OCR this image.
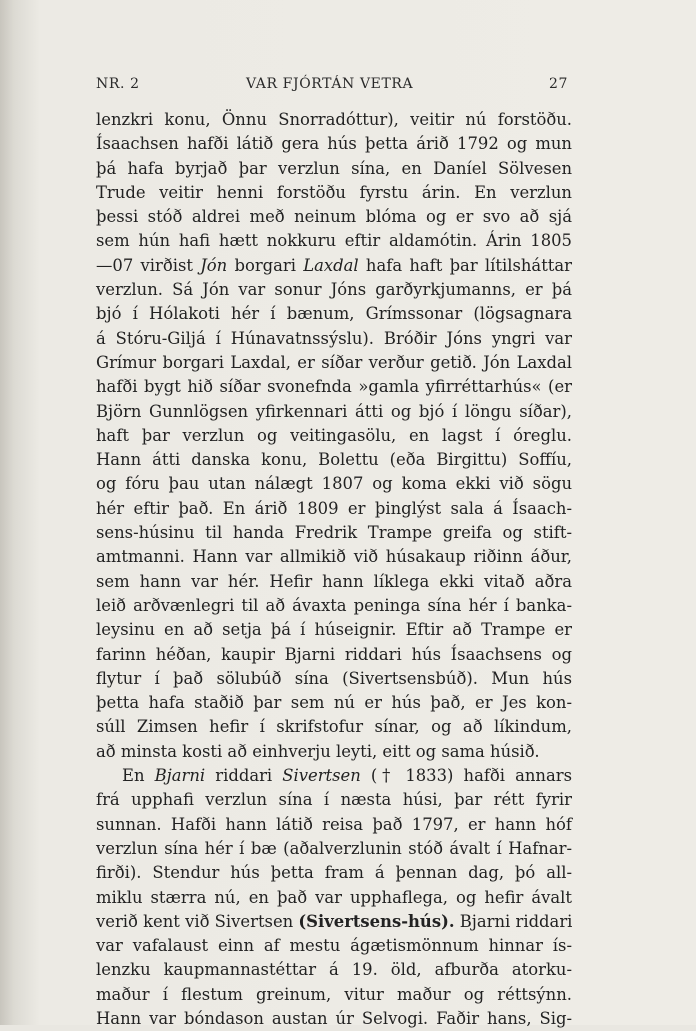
NR. 2	VAR FJÓRTÁN VETRA	27
lenzkri konu, Önnu Snorradóttur), veitir nú forstöðu.
Ísaachsen hafði látið gera hús þetta árið 1792 og mun
þá hafa byrjað þar verzlun sína, en Daníel Sölvesen
Trude veitir henni forstöðu fyrstu árin. En verzlun
þessi stóð aldrei með neinum blóma og er svo að sjá
sem hún hafi hætt nokkuru eftir aldamótin. Árin 1805
—07 virðist Jón borgari Laxdal hafa haft þar lítilsháttar
verzlun. Sá Jón var sonur Jóns garðyrkjumanns, er þá
bjó í Hólakoti hér í bænum, Grímssonar (lögsagnara
á Stóru-Giljá í Húnavatnssýslu). Bróðir Jóns yngri var
Grímur borgari Laxdal, er síðar verður getið. Jón Laxdal
hafði bygt hið síðar svonefnda »gamla yfirréttarhús« (er
Björn Gunnlögsen yfirkennari átti og bjó í löngu síðar),
haft þar verzlun og veitingasölu, en lagst í óreglu.
Hann átti danska konu, Bolettu (eða Birgittu) Soffíu,
og fóru þau utan nálægt 1807 og koma ekki við sögu
hér eftir það. En árið 1809 er þinglýst sala á Ísaach-
sens-húsinu til handa Fredrik Trampe greifa og stift-
amtmanni. Hann var allmikið við húsakaup riðinn áður,
sem hann var hér. Hefir hann líklega ekki vitað aðra
leið arðvænlegri til að ávaxta peninga sína hér í banka-
leysinu en að setja þá í húseignir. Eftir að Trampe er
farinn héðan, kaupir Bjarni riddari hús Ísaachsens og
flytur í það sölubúð sína (Sivertsensbúð). Mun hús
þetta hafa staðið þar sem nú er hús það, er Jes kon-
súll Zimsen hefir í skrifstofur sínar, og að líkindum,
að minsta kosti að einhverju leyti, eitt og sama húsið.
En Bjarni riddari Sivertsen († 1833) hafði annars
frá upphafi verzlun sína í næsta húsi, þar rétt fyrir
sunnan. Hafði hann látið reisa það 1797, er hann hóf
verzlun sína hér í bæ (aðalverzlunin stóð ávalt í Hafnar-
firði). Stendur hús þetta fram á þennan dag, þó all-
miklu stærra nú, en það var upphaflega, og hefir ávalt
verið kent við Sivertsen (Sivertsens-hús). Bjarni riddari
var vafalaust einn af mestu ágætismönnum hinnar ís-
lenzku kaupmannastéttar á 19. öld, afburða atorku-
maður í flestum greinum, vitur maður og réttsýnn.
Hann var bóndason austan úr Selvogi. Faðir hans, Sig-
